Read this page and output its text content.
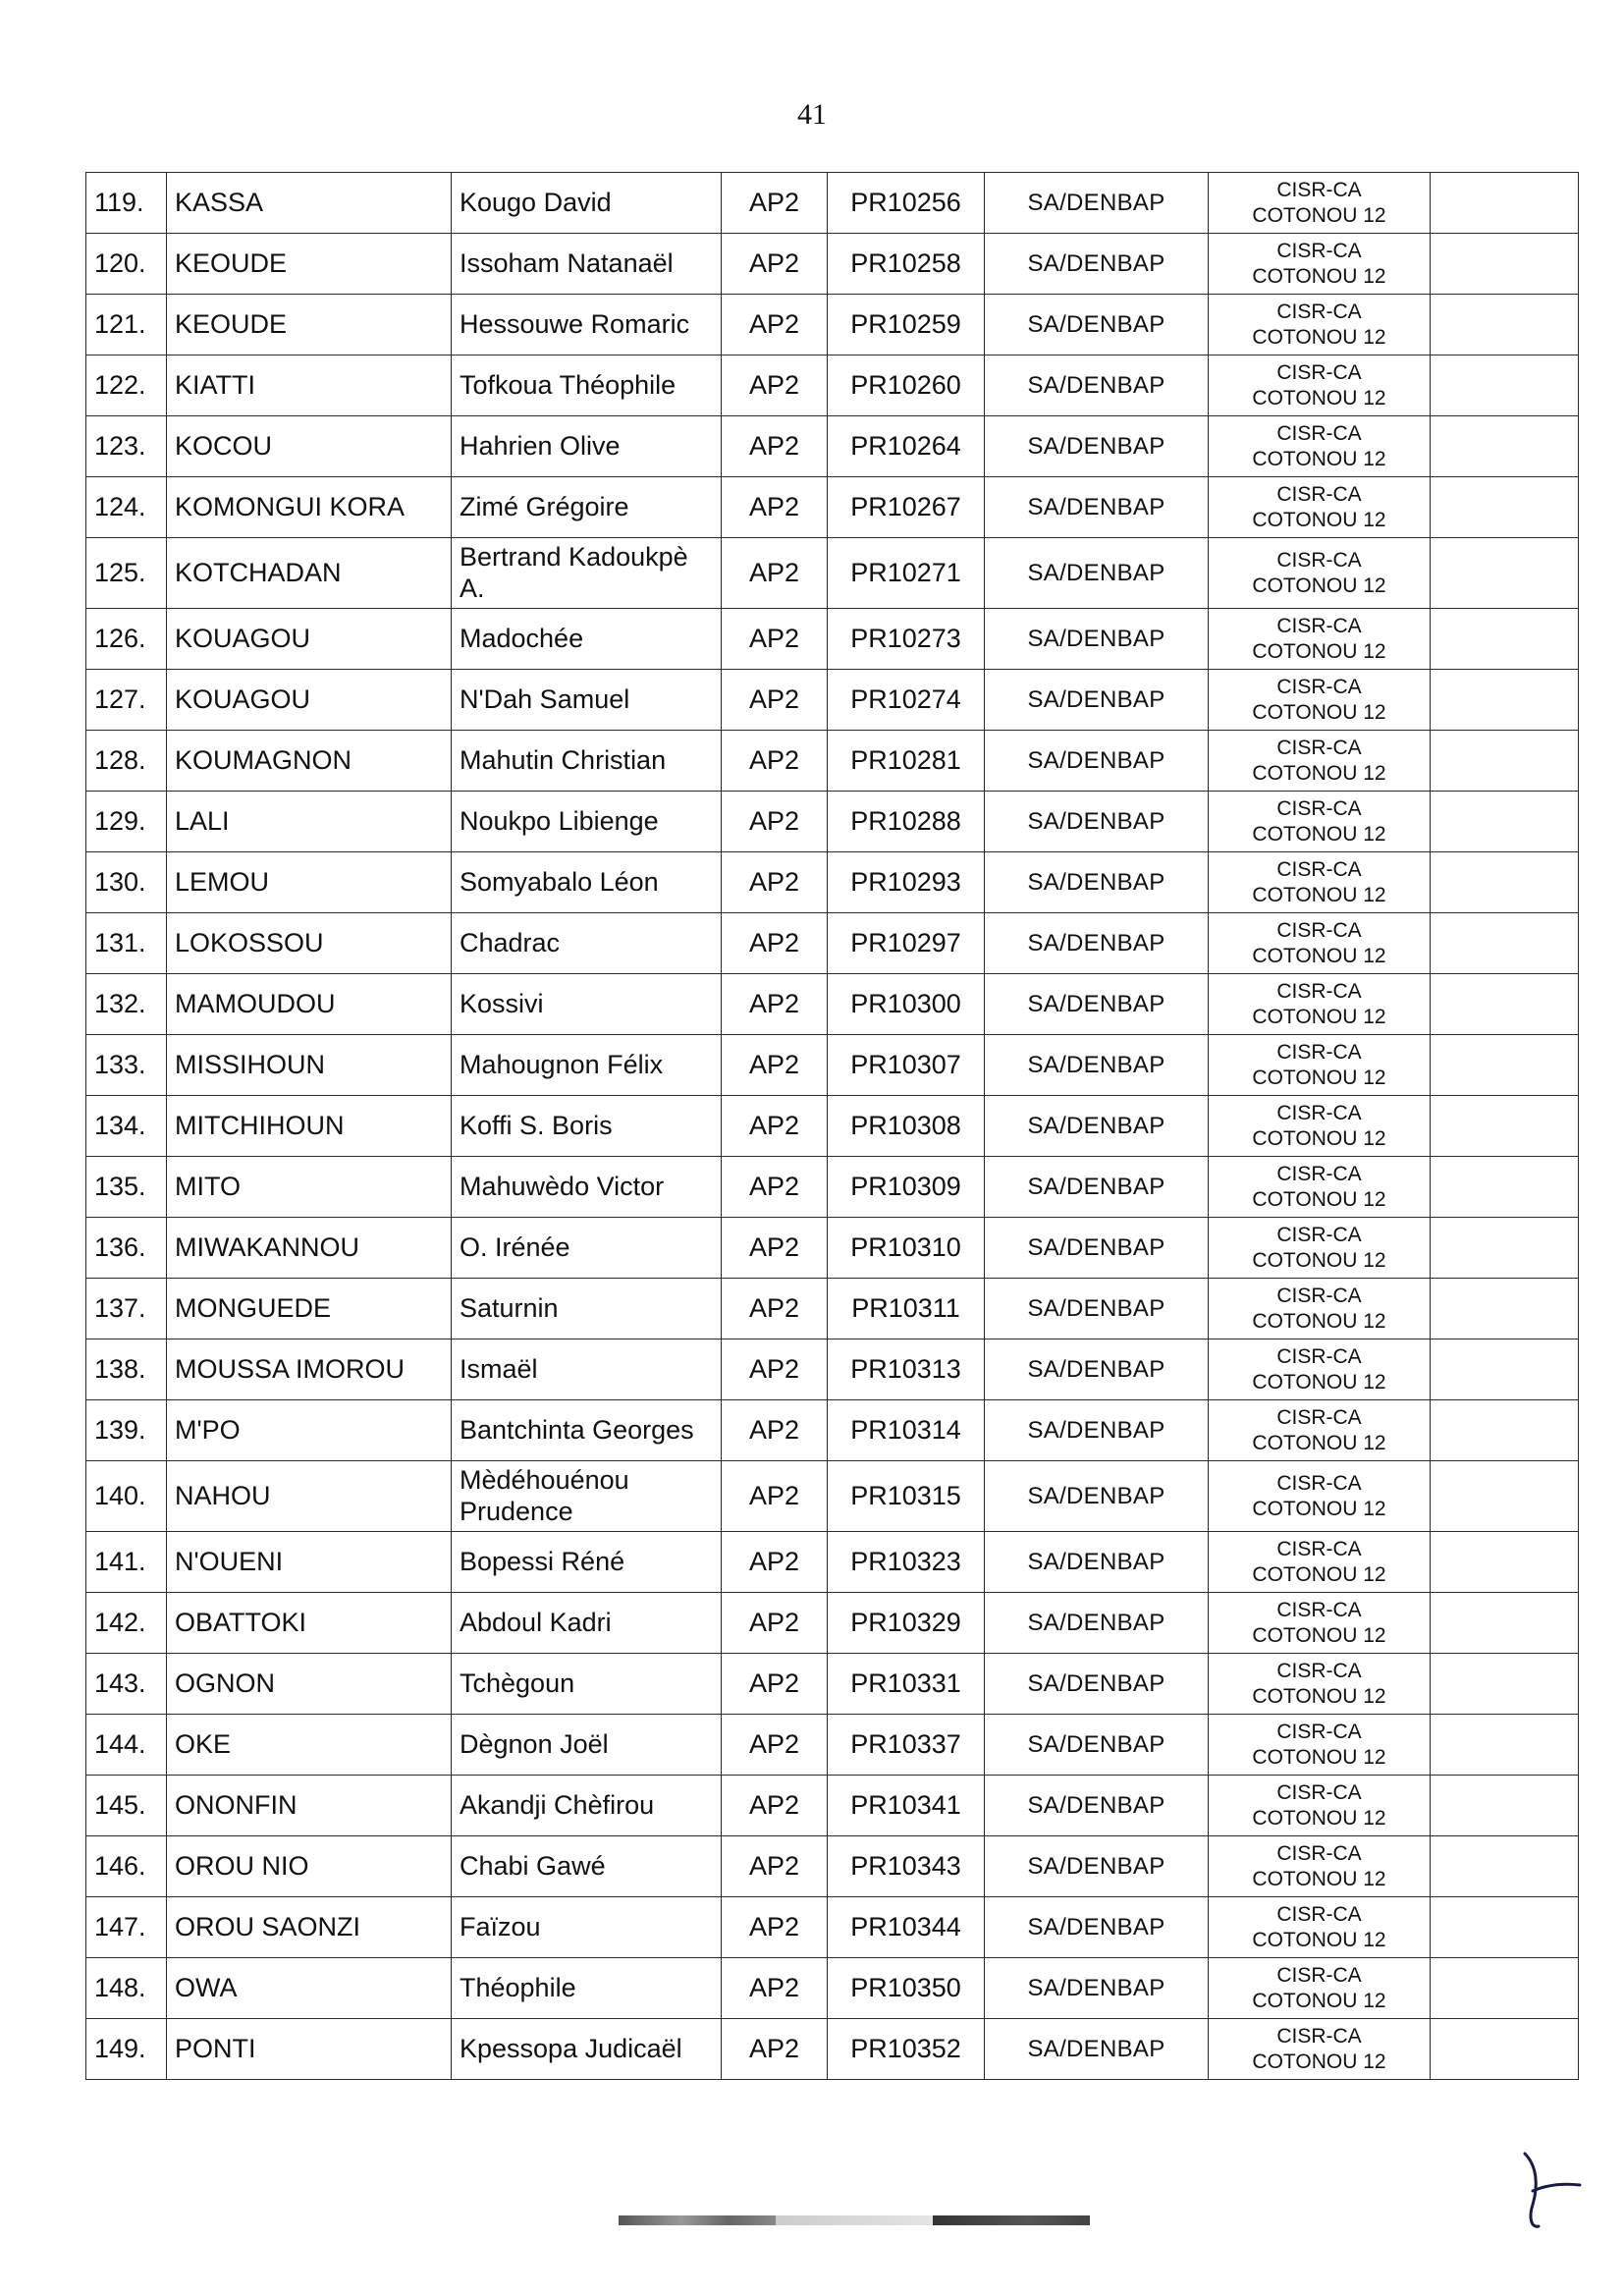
41
119.	KASSA	Kougo David	AP2	PR10256	SA/DENBAP	CISR-CA
COTONOU 12	

120.	KEOUDE	Issoham Natanaël	AP2	PR10258	SA/DENBAP	CISR-CA
COTONOU 12	

121.	KEOUDE	Hessouwe Romaric	AP2	PR10259	SA/DENBAP	CISR-CA
COTONOU 12	

122.	KIATTI	Tofkoua Théophile	AP2	PR10260	SA/DENBAP	CISR-CA
COTONOU 12	

123.	KOCOU	Hahrien Olive	AP2	PR10264	SA/DENBAP	CISR-CA
COTONOU 12	

124.	KOMONGUI KORA	Zimé Grégoire	AP2	PR10267	SA/DENBAP	CISR-CA
COTONOU 12	

125.	KOTCHADAN	Bertrand Kadoukpè A.	AP2	PR10271	SA/DENBAP	CISR-CA
COTONOU 12	

126.	KOUAGOU	Madochée	AP2	PR10273	SA/DENBAP	CISR-CA
COTONOU 12	

127.	KOUAGOU	N'Dah Samuel	AP2	PR10274	SA/DENBAP	CISR-CA
COTONOU 12	

128.	KOUMAGNON	Mahutin Christian	AP2	PR10281	SA/DENBAP	CISR-CA
COTONOU 12	

129.	LALI	Noukpo Libienge	AP2	PR10288	SA/DENBAP	CISR-CA
COTONOU 12	

130.	LEMOU	Somyabalo Léon	AP2	PR10293	SA/DENBAP	CISR-CA
COTONOU 12	

131.	LOKOSSOU	Chadrac	AP2	PR10297	SA/DENBAP	CISR-CA
COTONOU 12	

132.	MAMOUDOU	Kossivi	AP2	PR10300	SA/DENBAP	CISR-CA
COTONOU 12	

133.	MISSIHOUN	Mahougnon Félix	AP2	PR10307	SA/DENBAP	CISR-CA
COTONOU 12	

134.	MITCHIHOUN	Koffi S. Boris	AP2	PR10308	SA/DENBAP	CISR-CA
COTONOU 12	

135.	MITO	Mahuwèdo Victor	AP2	PR10309	SA/DENBAP	CISR-CA
COTONOU 12	

136.	MIWAKANNOU	O. Irénée	AP2	PR10310	SA/DENBAP	CISR-CA
COTONOU 12	

137.	MONGUEDE	Saturnin	AP2	PR10311	SA/DENBAP	CISR-CA
COTONOU 12	

138.	MOUSSA IMOROU	Ismaël	AP2	PR10313	SA/DENBAP	CISR-CA
COTONOU 12	

139.	M'PO	Bantchinta Georges	AP2	PR10314	SA/DENBAP	CISR-CA
COTONOU 12	

140.	NAHOU	Mèdéhouénou Prudence	AP2	PR10315	SA/DENBAP	CISR-CA
COTONOU 12	

141.	N'OUENI	Bopessi Réné	AP2	PR10323	SA/DENBAP	CISR-CA
COTONOU 12	

142.	OBATTOKI	Abdoul Kadri	AP2	PR10329	SA/DENBAP	CISR-CA
COTONOU 12	

143.	OGNON	Tchègoun	AP2	PR10331	SA/DENBAP	CISR-CA
COTONOU 12	

144.	OKE	Dègnon Joël	AP2	PR10337	SA/DENBAP	CISR-CA
COTONOU 12	

145.	ONONFIN	Akandji Chèfirou	AP2	PR10341	SA/DENBAP	CISR-CA
COTONOU 12	

146.	OROU NIO	Chabi Gawé	AP2	PR10343	SA/DENBAP	CISR-CA
COTONOU 12	

147.	OROU SAONZI	Faïzou	AP2	PR10344	SA/DENBAP	CISR-CA
COTONOU 12	

148.	OWA	Théophile	AP2	PR10350	SA/DENBAP	CISR-CA
COTONOU 12	

149.	PONTI	Kpessopa Judicaël	AP2	PR10352	SA/DENBAP	CISR-CA
COTONOU 12	
